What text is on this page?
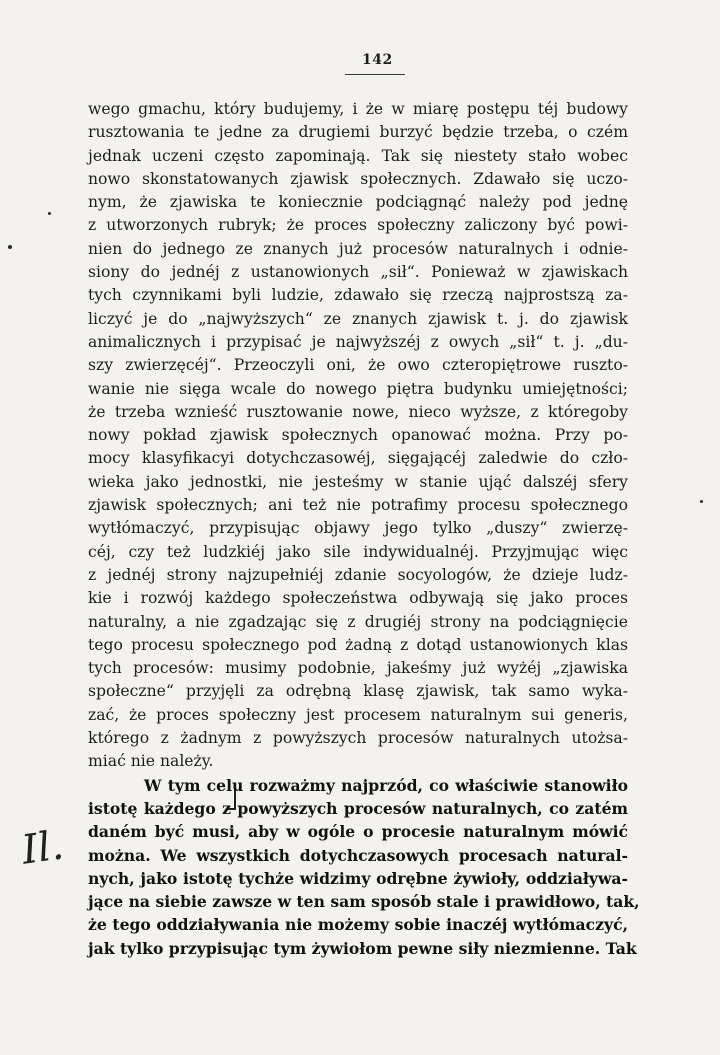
142
Il.
wego gmachu, który budujemy, i że w miarę postępu téj budowy
rusztowania te jedne za drugiemi burzyć będzie trzeba, o czém
jednak uczeni często zapominają. Tak się niestety stało wobec
nowo skonstatowanych zjawisk społecznych. Zdawało się uczo-
nym, że zjawiska te koniecznie podciągnąć należy pod jednę
z utworzonych rubryk; że proces społeczny zaliczony być powi-
nien do jednego ze znanych już procesów naturalnych i odnie-
siony do jednéj z ustanowionych „sił“. Ponieważ w zjawiskach
tych czynnikami byli ludzie, zdawało się rzeczą najprostszą za-
liczyć je do „najwyższych“ ze znanych zjawisk t. j. do zjawisk
animalicznych i przypisać je najwyższéj z owych „sił“ t. j. „du-
szy zwierzęcéj“. Przeoczyli oni, że owo czteropiętrowe rusztо-
wanie nie sięga wcale do nowego piętra budynku umiejętności;
że trzeba wznieść rusztowanie nowe, nieco wyższe, z któregoby
nowy pokład zjawisk społecznych opanować można. Przy po-
mocy klasyfikacyi dotychczasowéj, sięgającéj zaledwie do czło-
wieka jako jednostki, nie jesteśmy w stanie ująć dalszéj sfery
zjawisk społecznych; ani też nie potrafimy procesu społecznego
wytłómaczyć, przypisując objawy jego tylko „duszy“ zwierzę-
céj, czy też ludzkiéj jako sile indywidualnéj. Przyjmując więc
z jednéj strony najzupełniéj zdanie socyologów, że dzieje ludz-
kie i rozwój każdego społeczeństwa odbywają się jako proces
naturalny, a nie zgadzając się z drugiéj strony na podciągnięcie
tego procesu społecznego pod żadną z dotąd ustanowionych klas
tych procesów: musimy podobnie, jakeśmy już wyżéj „zjawiska
społeczne“ przyjęli za odrębną klasę zjawisk, tak samo wyka-
zać, że proces społeczny jest procesem naturalnym sui generis,
którego z żadnym z powyższych procesów naturalnych utożsa-
miać nie należy.
W tym celu rozważmy najprzód, co właściwie stanowiło
istotę każdego z powyższych procesów naturalnych, co zatém
daném być musi, aby w ogóle o procesie naturalnym mówić
można. We wszystkich dotychczasowych procesach natural-
nych, jako istotę tychże widzimy odrębne żywioły, oddziaływa-
jące na siebie zawsze w ten sam sposób stale i prawidłowo, tak,
że tego oddziaływania nie możemy sobie inaczéj wytłómaczyć,
jak tylko przypisując tym żywiołom pewne siły niezmienne. Tak
